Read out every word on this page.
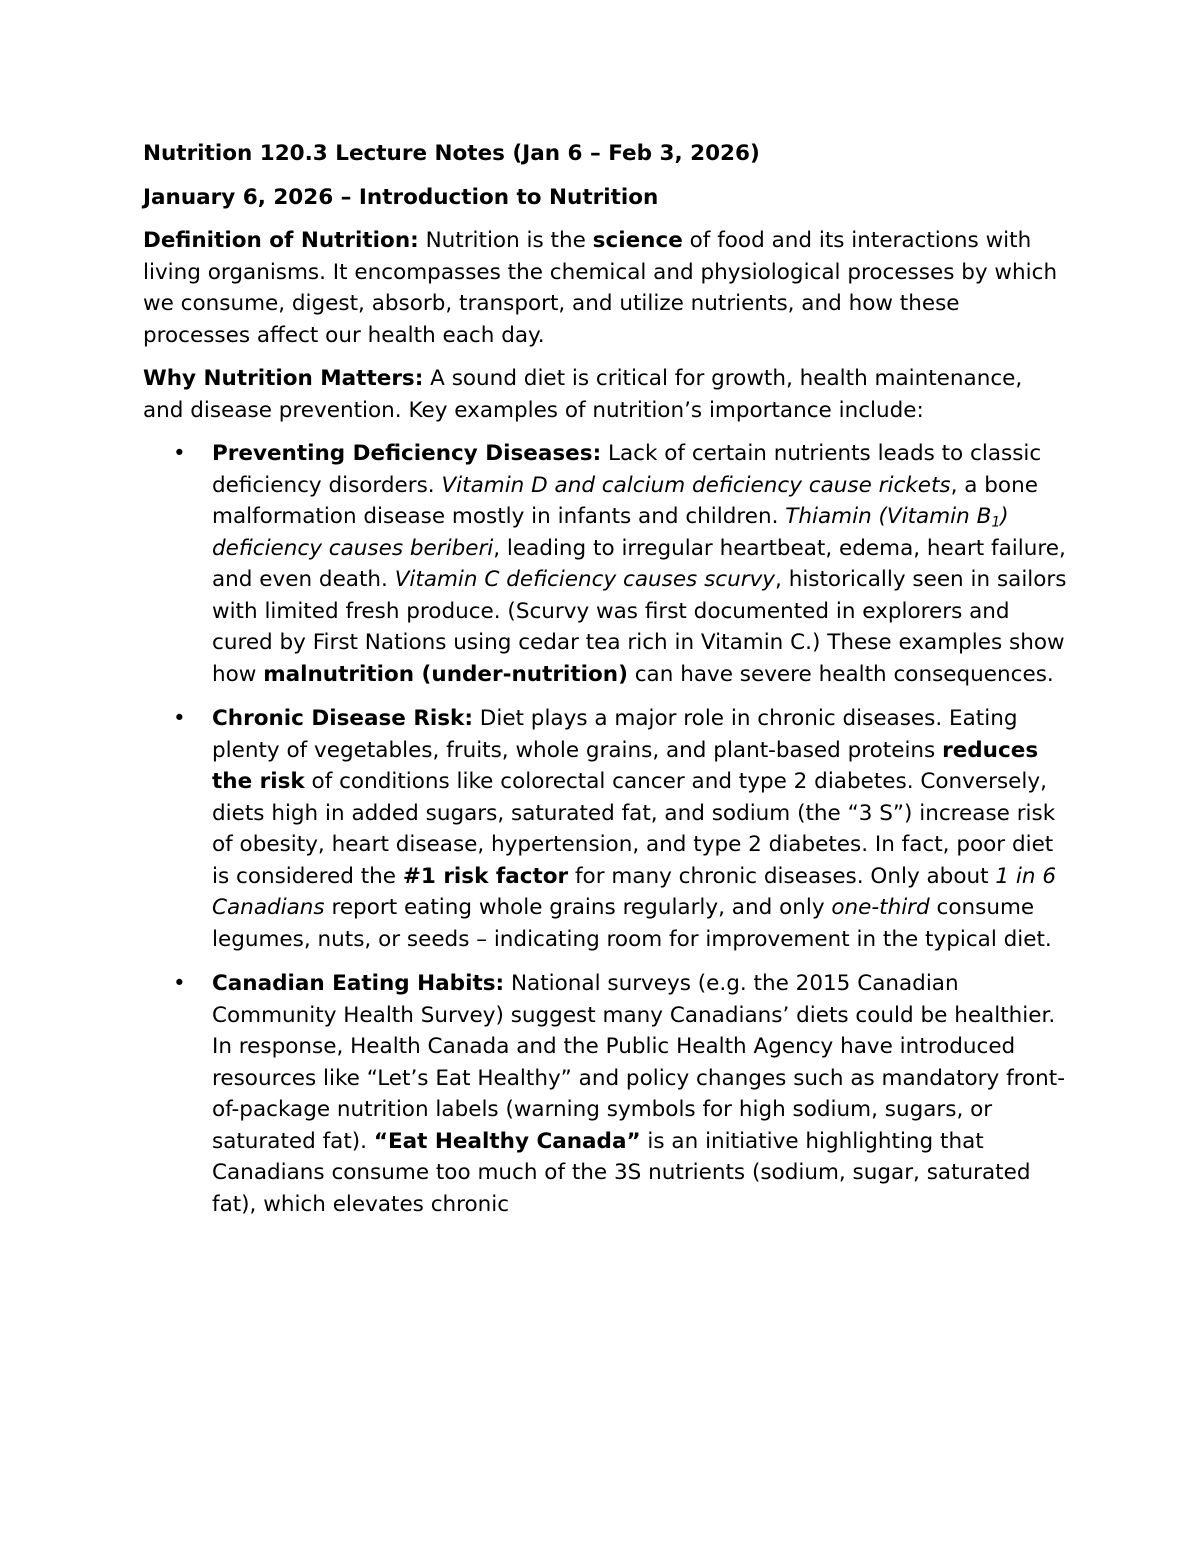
Nutrition 120.3 Lecture Notes (Jan 6 – Feb 3, 2026)

January 6, 2026 – Introduction to Nutrition

Definition of Nutrition: Nutrition is the science of food and its interactions with living organisms. It encompasses the chemical and physiological processes by which we consume, digest, absorb, transport, and utilize nutrients, and how these processes affect our health each day.

Why Nutrition Matters: A sound diet is critical for growth, health maintenance, and disease prevention. Key examples of nutrition’s importance include:

• Preventing Deficiency Diseases: Lack of certain nutrients leads to classic deficiency disorders. Vitamin D and calcium deficiency cause rickets, a bone malformation disease mostly in infants and children. Thiamin (Vitamin $B_1$) deficiency causes beriberi, leading to irregular heartbeat, edema, heart failure, and even death. Vitamin C deficiency causes scurvy, historically seen in sailors with limited fresh produce. (Scurvy was first documented in explorers and cured by First Nations using cedar tea rich in Vitamin C.) These examples show how malnutrition (under-nutrition) can have severe health consequences.
• Chronic Disease Risk: Diet plays a major role in chronic diseases. Eating plenty of vegetables, fruits, whole grains, and plant-based proteins reduces the risk of conditions like colorectal cancer and type 2 diabetes. Conversely, diets high in added sugars, saturated fat, and sodium (the “3 S”) increase risk of obesity, heart disease, hypertension, and type 2 diabetes. In fact, poor diet is considered the #1 risk factor for many chronic diseases. Only about 1 in 6 Canadians report eating whole grains regularly, and only one-third consume legumes, nuts, or seeds – indicating room for improvement in the typical diet.
• Canadian Eating Habits: National surveys (e.g. the 2015 Canadian Community Health Survey) suggest many Canadians’ diets could be healthier. In response, Health Canada and the Public Health Agency have introduced resources like “Let’s Eat Healthy” and policy changes such as mandatory front-of-package nutrition labels (warning symbols for high sodium, sugars, or saturated fat). “Eat Healthy Canada” is an initiative highlighting that Canadians consume too much of the 3S nutrients (sodium, sugar, saturated fat), which elevates chronic
